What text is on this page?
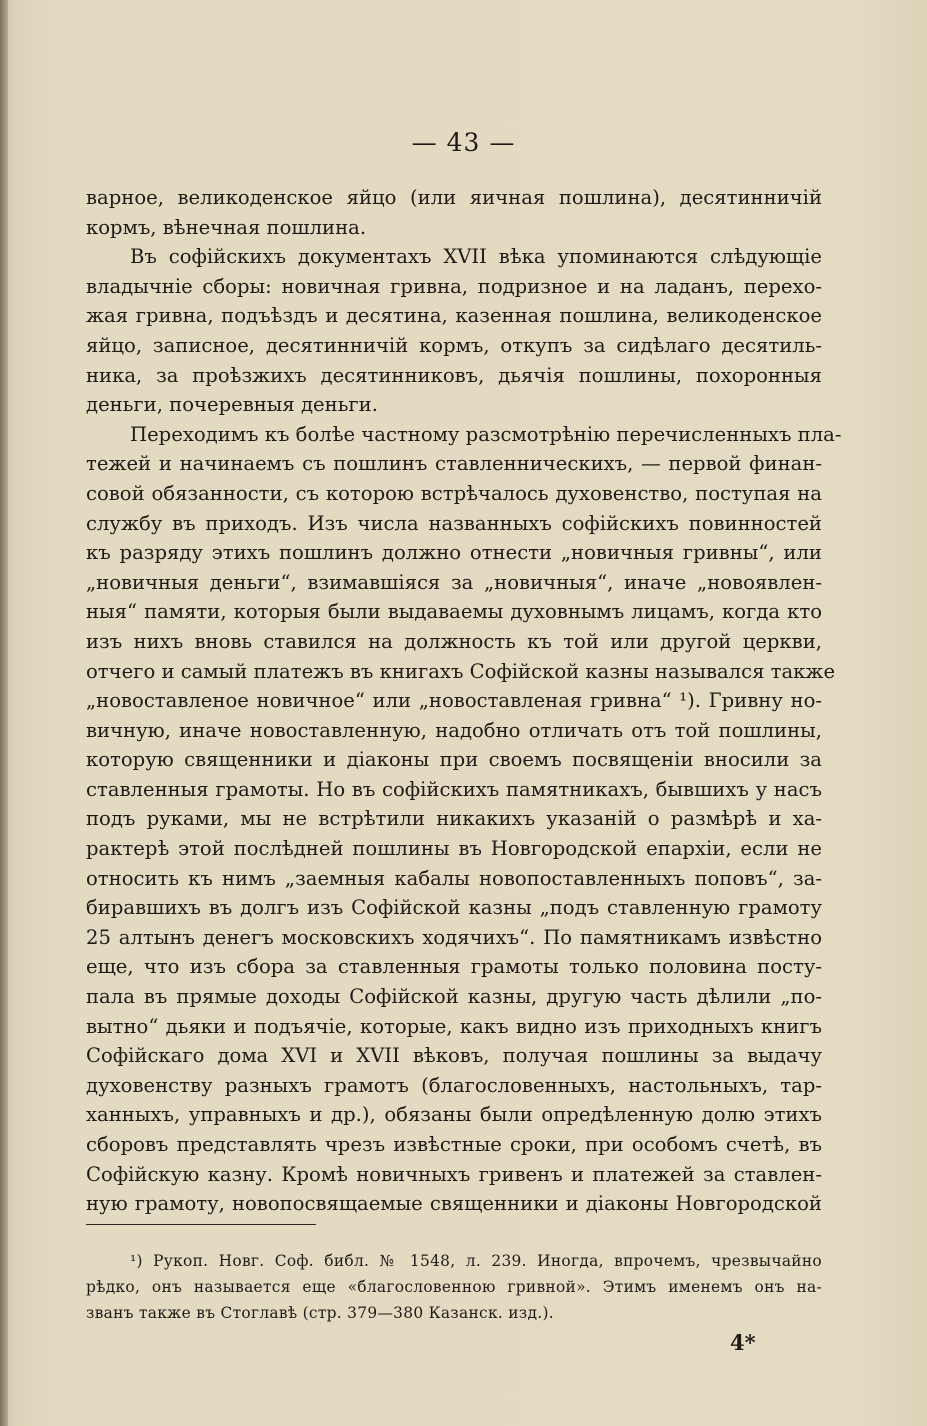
— 43 —
варное, великоденское яйцо (или яичная пошлина), десятинничій
кормъ, вѣнечная пошлина.
Въ софійскихъ документахъ XVII вѣка упоминаются слѣдующіе
владычніе сборы: новичная гривна, подризное и на ладанъ, перехо-
жая гривна, подъѣздъ и десятина, казенная пошлина, великоденское
яйцо, записное, десятинничій кормъ, откупъ за сидѣлаго десятиль-
ника, за проѣзжихъ десятинниковъ, дьячія пошлины, похоронныя
деньги, почеревныя деньги.
Переходимъ къ болѣе частному разсмотрѣнію перечисленныхъ пла-
тежей и начинаемъ съ пошлинъ ставленническихъ, — первой финан-
совой обязанности, съ которою встрѣчалось духовенство, поступая на
службу въ приходъ. Изъ числа названныхъ софійскихъ повинностей
къ разряду этихъ пошлинъ должно отнести „новичныя гривны“, или
„новичныя деньги“, взимавшіяся за „новичныя“, иначе „новоявлен-
ныя“ памяти, которыя были выдаваемы духовнымъ лицамъ, когда кто
изъ нихъ вновь ставился на должность къ той или другой церкви,
отчего и самый платежъ въ книгахъ Софійской казны назывался также
„новоставленое новичное“ или „новоставленая гривна“ ¹). Гривну но-
вичную, иначе новоставленную, надобно отличать отъ той пошлины,
которую священники и діаконы при своемъ посвященіи вносили за
ставленныя грамоты. Но въ софійскихъ памятникахъ, бывшихъ у насъ
подъ руками, мы не встрѣтили никакихъ указаній о размѣрѣ и ха-
рактерѣ этой послѣдней пошлины въ Новгородской епархіи, если не
относить къ нимъ „заемныя кабалы новопоставленныхъ поповъ“, за-
биравшихъ въ долгъ изъ Софійской казны „подъ ставленную грамоту
25 алтынъ денегъ московскихъ ходячихъ“. По памятникамъ извѣстно
еще, что изъ сбора за ставленныя грамоты только половина посту-
пала въ прямые доходы Софійской казны, другую часть дѣлили „по-
вытно“ дьяки и подъячіе, которые, какъ видно изъ приходныхъ книгъ
Софійскаго дома XVI и XVII вѣковъ, получая пошлины за выдачу
духовенству разныхъ грамотъ (благословенныхъ, настольныхъ, тар-
ханныхъ, управныхъ и др.), обязаны были опредѣленную долю этихъ
сборовъ представлять чрезъ извѣстные сроки, при особомъ счетѣ, въ
Софійскую казну. Кромѣ новичныхъ гривенъ и платежей за ставлен-
ную грамоту, новопосвящаемые священники и діаконы Новгородской
¹) Рукоп. Новг. Соф. библ. № 1548, л. 239. Иногда, впрочемъ, чрезвычайно
рѣдко, онъ называется еще «благословенною гривной». Этимъ именемъ онъ на-
званъ также въ Стоглавѣ (стр. 379—380 Казанск. изд.).
4*
